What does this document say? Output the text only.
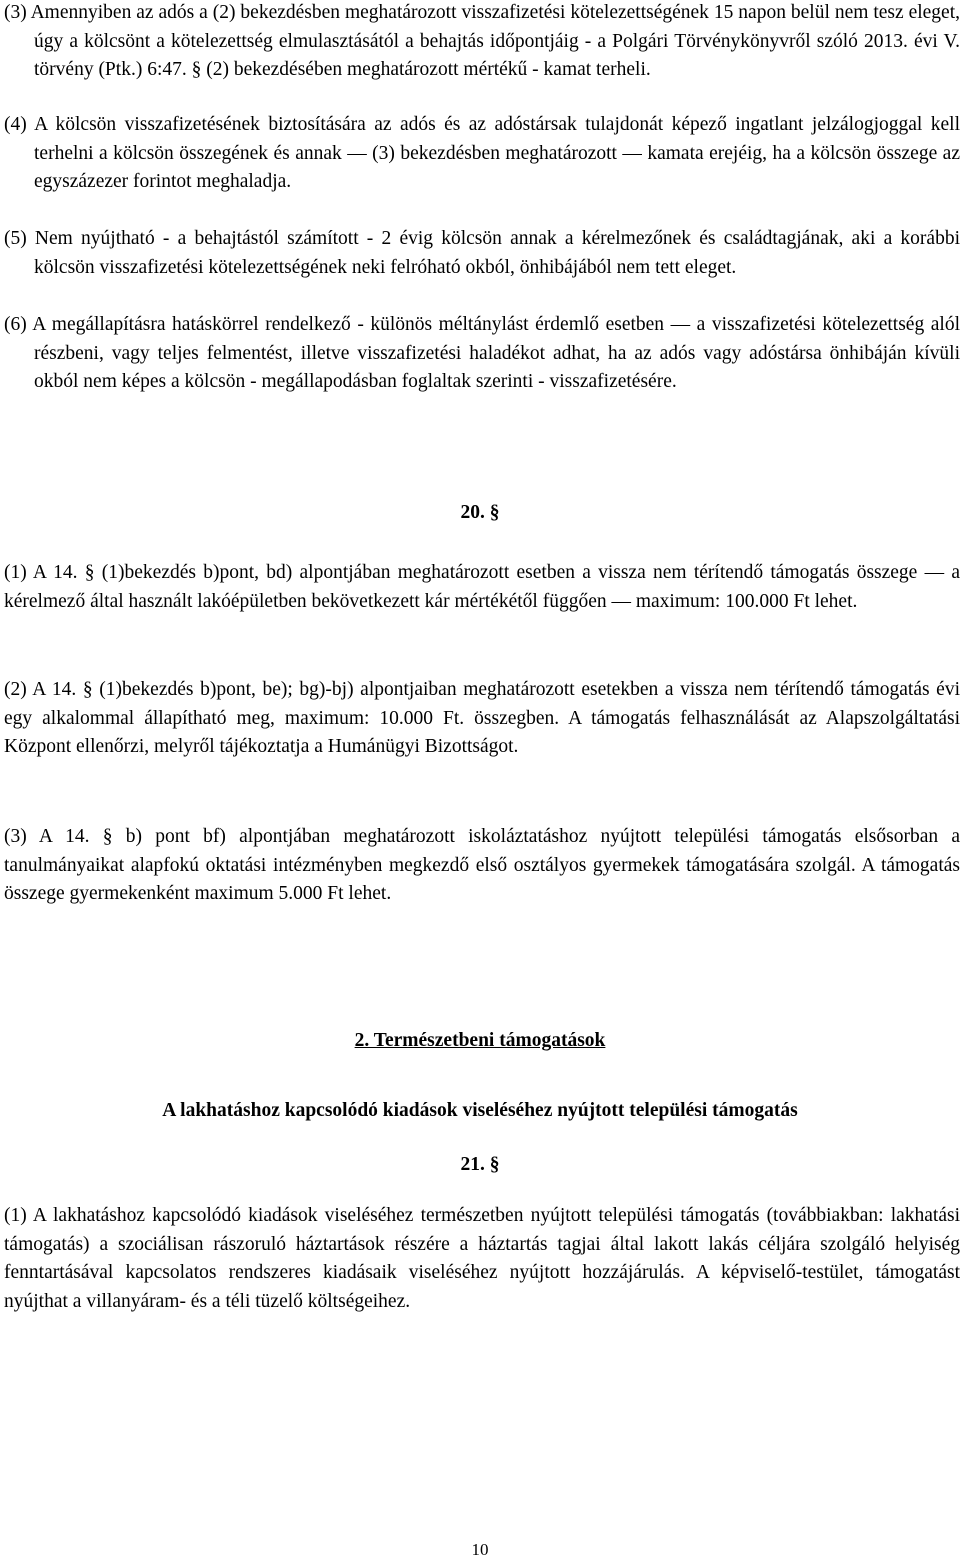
(3) Amennyiben az adós a (2) bekezdésben meghatározott visszafizetési kötelezettségének 15 napon belül nem tesz eleget, úgy a kölcsönt a kötelezettség elmulasztásától a behajtás időpontjáig - a Polgári Törvénykönyvről szóló 2013. évi V. törvény (Ptk.) 6:47. § (2) bekezdésében meghatározott mértékű - kamat terheli.

(4) A kölcsön visszafizetésének biztosítására az adós és az adóstársak tulajdonát képező ingatlant jelzálogjoggal kell terhelni a kölcsön összegének és annak — (3) bekezdésben meghatározott — kamata erejéig, ha a kölcsön összege az egyszázezer forintot meghaladja.

(5) Nem nyújtható - a behajtástól számított - 2 évig kölcsön annak a kérelmezőnek és családtagjának, aki a korábbi kölcsön visszafizetési kötelezettségének neki felróható okból, önhibájából nem tett eleget.

(6) A megállapításra hatáskörrel rendelkező - különös méltánylást érdemlő esetben — a visszafizetési kötelezettség alól részbeni, vagy teljes felmentést, illetve visszafizetési haladékot adhat, ha az adós vagy adóstársa önhibáján kívüli okból nem képes a kölcsön - megállapodásban foglaltak szerinti - visszafizetésére.

20. §

(1) A 14. § (1)bekezdés b)pont, bd) alpontjában meghatározott esetben a vissza nem térítendő támogatás összege — a kérelmező által használt lakóépületben bekövetkezett kár mértékétől függően — maximum: 100.000 Ft lehet.

(2) A 14. § (1)bekezdés b)pont, be); bg)-bj) alpontjaiban meghatározott esetekben a vissza nem térítendő támogatás évi egy alkalommal állapítható meg, maximum: 10.000 Ft. összegben. A támogatás felhasználását az Alapszolgáltatási Központ ellenőrzi, melyről tájékoztatja a Humánügyi Bizottságot.

(3) A 14. § b) pont bf) alpontjában meghatározott iskoláztatáshoz nyújtott települési támogatás elsősorban a tanulmányaikat alapfokú oktatási intézményben megkezdő első osztályos gyermekek támogatására szolgál. A támogatás összege gyermekenként maximum 5.000 Ft lehet.

2. Természetbeni támogatások

A lakhatáshoz kapcsolódó kiadások viseléséhez nyújtott települési támogatás

21. §

(1) A lakhatáshoz kapcsolódó kiadások viseléséhez természetben nyújtott települési támogatás (továbbiakban: lakhatási támogatás) a szociálisan rászoruló háztartások részére a háztartás tagjai által lakott lakás céljára szolgáló helyiség fenntartásával kapcsolatos rendszeres kiadásaik viseléséhez nyújtott hozzájárulás. A képviselő-testület, támogatást nyújthat a villanyáram- és a téli tüzelő költségeihez.

10
